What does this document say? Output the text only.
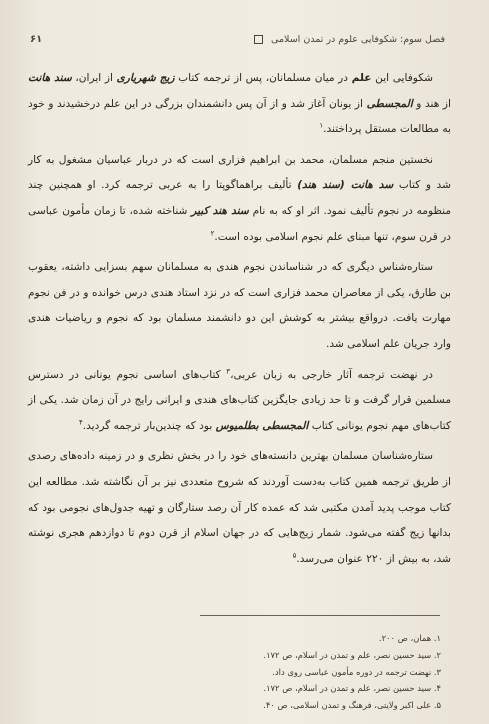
فصل سوم: شکوفایی علوم در تمدن اسلامی
۶۱

شکوفایی این علم در میان مسلمانان، پس از ترجمه کتاب زیج شهریاری از ایران، سند هانت از هند و المجسطی از یونان آغاز شد و از آن پس دانشمندان بزرگی در این علم درخشیدند و خود به مطالعات مستقل پرداختند.$^۱$

نخستین منجم مسلمان، محمد بن ابراهیم فزاری است که در دربار عباسیان مشغول به کار شد و کتاب سد هانت (سند هند) تألیف براهماگوپتا را به عربی ترجمه کرد. او همچنین چند منظومه در نجوم تألیف نمود. اثر او که به نام سند هند کبیر شناخته شده، تا زمان مأمون عباسی در قرن سوم، تنها مبنای علم نجوم اسلامی بوده است.$^۲$

ستاره‌شناس دیگری که در شناساندن نجوم هندی به مسلمانان سهم بسزایی داشته، یعقوب بن طارق، یکی از معاصران محمد فزاری است که در نزد استاد هندی درس خوانده و در فن نجوم مهارت یافت. درواقع بیشتر به کوشش این دو دانشمند مسلمان بود که نجوم و ریاضیات هندی وارد جریان علم اسلامی شد.

در نهضت ترجمه آثار خارجی به زبان عربی،$^۳$ کتاب‌های اساسی نجوم یونانی در دسترس مسلمین قرار گرفت و تا حد زیادی جایگزین کتاب‌های هندی و ایرانی رایج در آن زمان شد. یکی از کتاب‌های مهم نجوم یونانی کتاب المجسطی بطلمیوس بود که چندین‌بار ترجمه گردید.$^۴$

ستاره‌شناسان مسلمان بهترین دانسته‌های خود را در بخش نظری و در زمینه داده‌های رصدی از طریق ترجمه همین کتاب به‌دست آوردند که شروح متعددی نیز بر آن نگاشته شد. مطالعه این کتاب موجب پدید آمدن مکتبی شد که عمده کار آن رصد ستارگان و تهیه جدول‌های نجومی بود که بدانها زیج گفته می‌شود. شمار زیج‌هایی که در جهان اسلام از قرن دوم تا دوازدهم هجری نوشته شد، به بیش از ۲۲۰ عنوان می‌رسد.$^۵$

۱. همان، ص ۲۰۰.
۲. سید حسین نصر، علم و تمدن در اسلام، ص ۱۷۲.
۳. نهضت ترجمه در دوره مأمون عباسی روی داد.
۴. سید حسین نصر، علم و تمدن در اسلام، ص ۱۷۲.
۵. علی اکبر ولایتی، فرهنگ و تمدن اسلامی، ص ۴۰.
